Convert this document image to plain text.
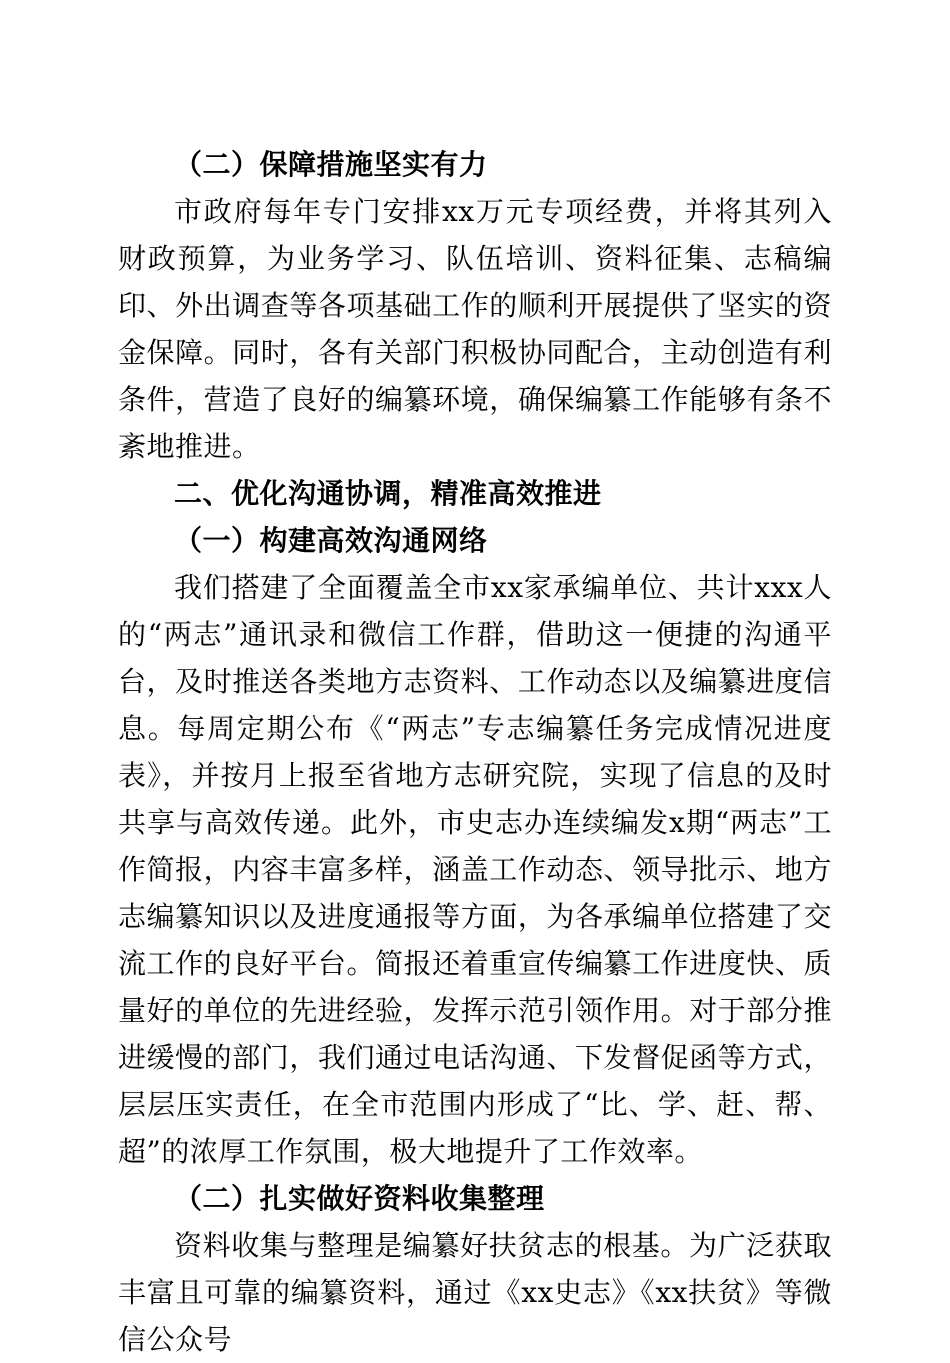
（二）保障措施坚实有力

市政府每年专门安排xx万元专项经费，并将其列入财政预算，为业务学习、队伍培训、资料征集、志稿编印、外出调查等各项基础工作的顺利开展提供了坚实的资金保障。同时，各有关部门积极协同配合，主动创造有利条件，营造了良好的编纂环境，确保编纂工作能够有条不紊地推进。

二、优化沟通协调，精准高效推进

（一）构建高效沟通网络

我们搭建了全面覆盖全市xx家承编单位、共计xxx人的“两志”通讯录和微信工作群，借助这一便捷的沟通平台，及时推送各类地方志资料、工作动态以及编纂进度信息。每周定期公布《“两志”专志编纂任务完成情况进度表》，并按月上报至省地方志研究院，实现了信息的及时共享与高效传递。此外，市史志办连续编发x期“两志”工作简报，内容丰富多样，涵盖工作动态、领导批示、地方志编纂知识以及进度通报等方面，为各承编单位搭建了交流工作的良好平台。简报还着重宣传编纂工作进度快、质量好的单位的先进经验，发挥示范引领作用。对于部分推进缓慢的部门，我们通过电话沟通、下发督促函等方式，层层压实责任，在全市范围内形成了“比、学、赶、帮、超”的浓厚工作氛围，极大地提升了工作效率。

（二）扎实做好资料收集整理

资料收集与整理是编纂好扶贫志的根基。为广泛获取丰富且可靠的编纂资料，通过《xx史志》《xx扶贫》等微信公众号
